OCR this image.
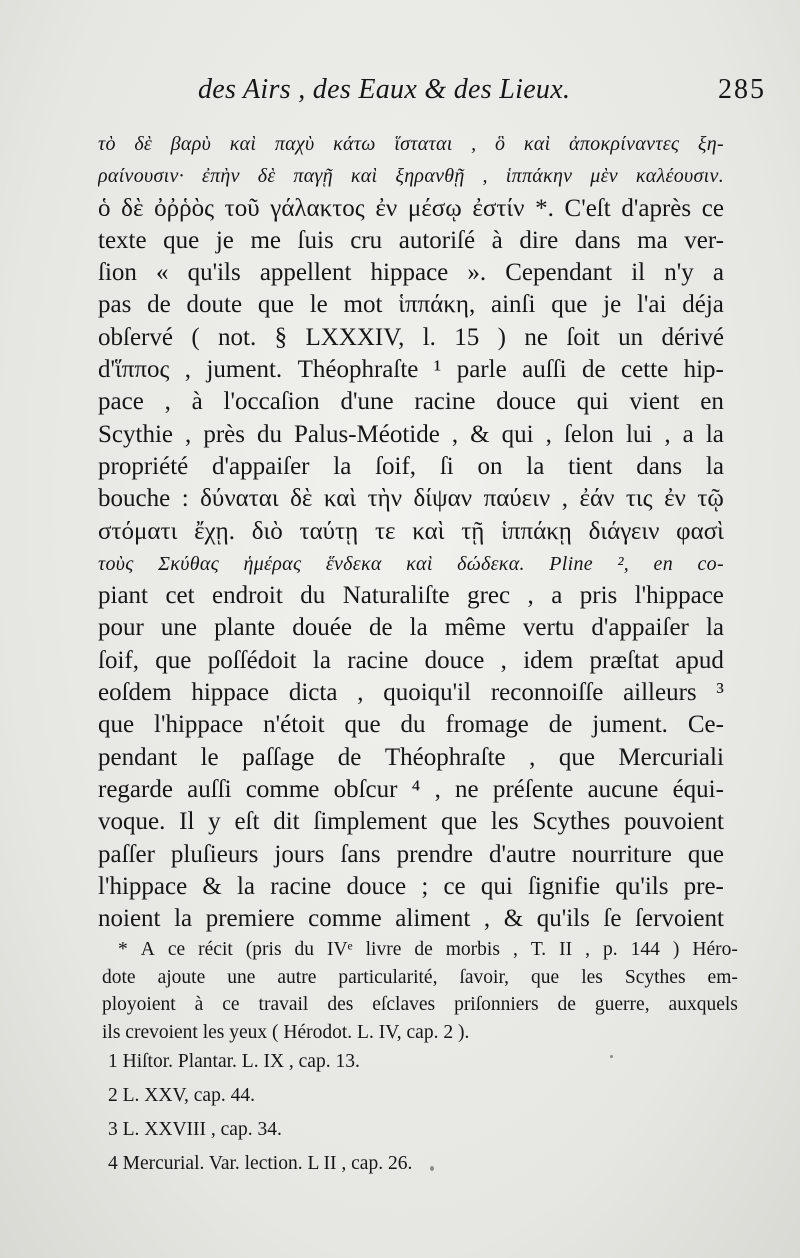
des Airs , des Eaux & des Lieux.	285
τὸ δὲ βαρὺ καὶ παχὺ κάτω ἵσταται , ὃ καὶ ἀποκρίναντες ξη-
ραίνουσιν· ἐπὴν δὲ παγῇ καὶ ξηρανθῇ , ἱππάκην μὲν καλέουσιν.
ὁ δὲ ὀῤῥὸς τοῦ γάλακτος ἐν μέσῳ ἐστίν *. C'eſt d'après ce
texte que je me ſuis cru autoriſé à dire dans ma ver-
ſion « qu'ils appellent hippace ». Cependant il n'y a
pas de doute que le mot ἱππάκη, ainſi que je l'ai déja
obſervé ( not. § LXXXIV, l. 15 ) ne ſoit un dérivé
d'ἵππος , jument. Théophraſte ¹ parle auſſi de cette hip-
pace , à l'occaſion d'une racine douce qui vient en
Scythie , près du Palus-Méotide , & qui , ſelon lui , a la
propriété d'appaiſer la ſoif, ſi on la tient dans la
bouche : δύναται δὲ καὶ τὴν δίψαν παύειν , ἐάν τις ἐν τῷ
στόματι ἔχῃ. διὸ ταύτῃ τε καὶ τῇ ἱππάκῃ διάγειν φασὶ
τοὺς Σκύθας ἡμέρας ἕνδεκα καὶ δώδεκα. Pline ², en co-
piant cet endroit du Naturaliſte grec , a pris l'hippace
pour une plante douée de la même vertu d'appaiſer la
ſoif, que poſſédoit la racine douce , idem præſtat apud
eoſdem hippace dicta , quoiqu'il reconnoiſſe ailleurs ³
que l'hippace n'étoit que du fromage de jument. Ce-
pendant le paſſage de Théophraſte , que Mercuriali
regarde auſſi comme obſcur ⁴ , ne préſente aucune équi-
voque. Il y eſt dit ſimplement que les Scythes pouvoient
paſſer pluſieurs jours ſans prendre d'autre nourriture que
l'hippace & la racine douce ; ce qui ſignifie qu'ils pre-
noient la premiere comme aliment , & qu'ils ſe ſervoient
* A ce récit (pris du IVᵉ livre de morbis , T. II , p. 144 ) Héro-
dote ajoute une autre particularité, ſavoir, que les Scythes em-
ployoient à ce travail des eſclaves priſonniers de guerre, auxquels
ils crevoient les yeux ( Hérodot. L. IV, cap. 2 ).
1 Hiſtor. Plantar. L. IX , cap. 13.
2 L. XXV, cap. 44.
3 L. XXVIII , cap. 34.
4 Mercurial. Var. lection. L II , cap. 26.
